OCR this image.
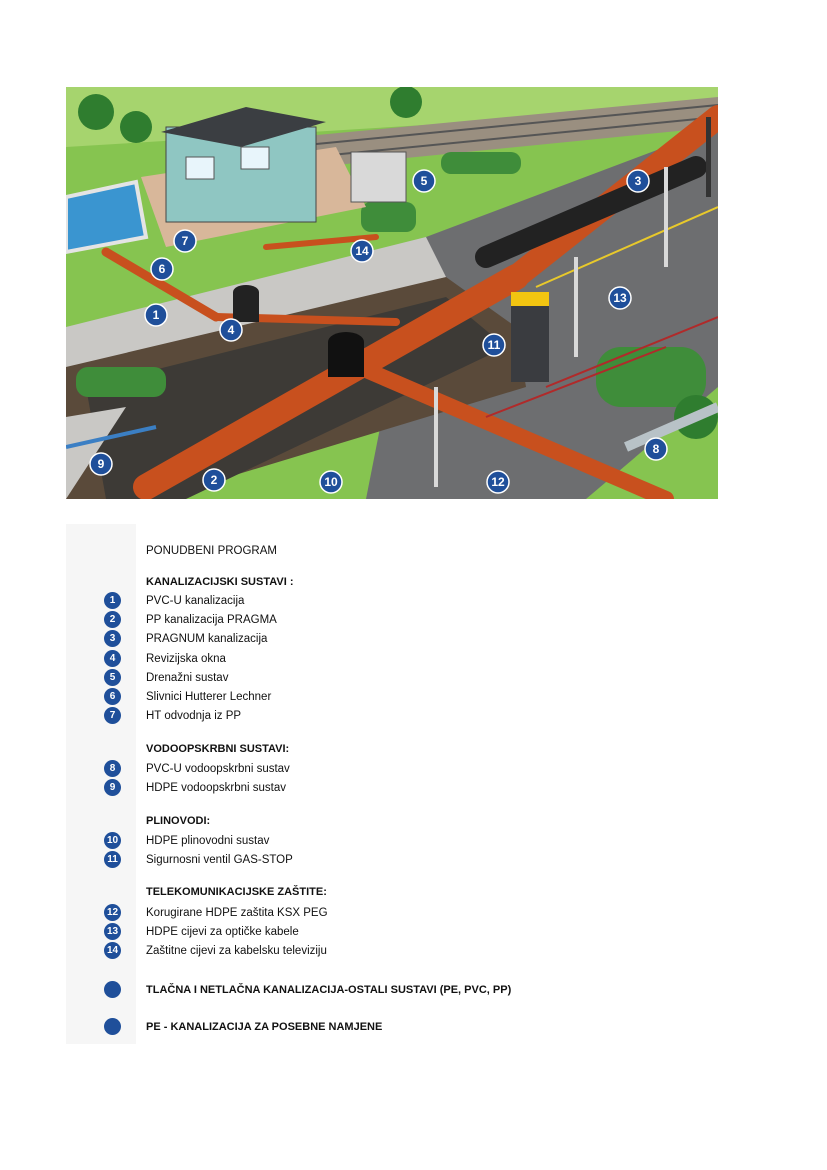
1
2
3
4
5
6
7
8
9
10
11
12
13
14
PONUDBENI PROGRAM
KANALIZACIJSKI SUSTAVI :
1	PVC-U kanalizacija
2	PP kanalizacija PRAGMA
3	PRAGNUM kanalizacija
4	Revizijska okna
5	Drenažni sustav
6	Slivnici Hutterer Lechner
7	HT odvodnja iz PP
VODOOPSKRBNI SUSTAVI:
8	PVC-U vodoopskrbni sustav
9	HDPE vodoopskrbni sustav
PLINOVODI:
10 HDPE plinovodni sustav
11 Sigurnosni ventil GAS-STOP
TELEKOMUNIKACIJSKE ZAŠTITE:
12 Korugirane HDPE zaštita KSX PEG
13 HDPE cijevi za optičke kabele
14 Zaštitne cijevi za kabelsku televiziju
TLAČNA I NETLAČNA KANALIZACIJA-OSTALI SUSTAVI (PE, PVC, PP)
PE - KANALIZACIJA ZA POSEBNE NAMJENE
